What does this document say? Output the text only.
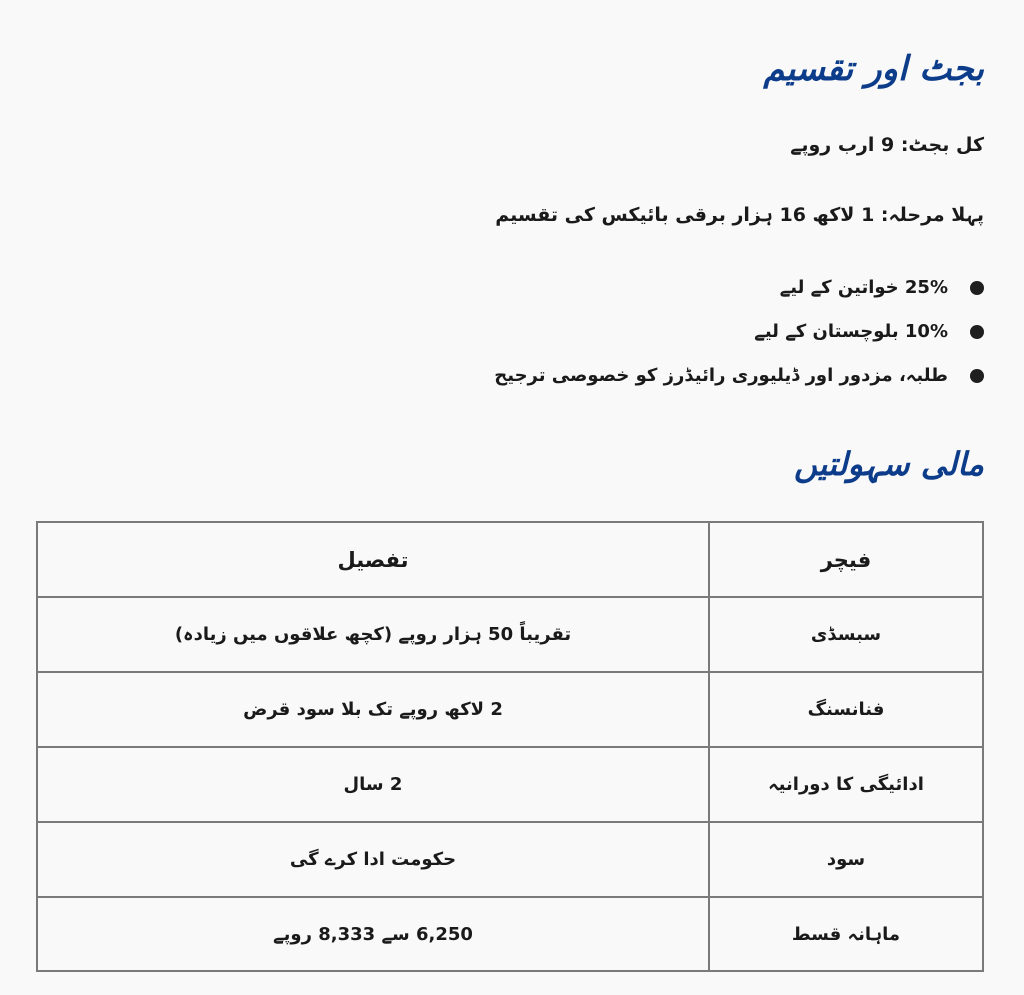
بجٹ اور تقسیم

کل بجٹ: 9 ارب روپے

پہلا مرحلہ: 1 لاکھ 16 ہزار برقی بائیکس کی تقسیم

25% خواتین کے لیے
10% بلوچستان کے لیے
طلبہ، مزدور اور ڈیلیوری رائیڈرز کو خصوصی ترجیح
مالی سہولتیں
فیچر	تفصیل
سبسڈی	تقریباً 50 ہزار روپے (کچھ علاقوں میں زیادہ)
فنانسنگ	2 لاکھ روپے تک بلا سود قرض
ادائیگی کا دورانیہ	2 سال
سود	حکومت ادا کرے گی
ماہانہ قسط	6,250 سے 8,333 روپے
